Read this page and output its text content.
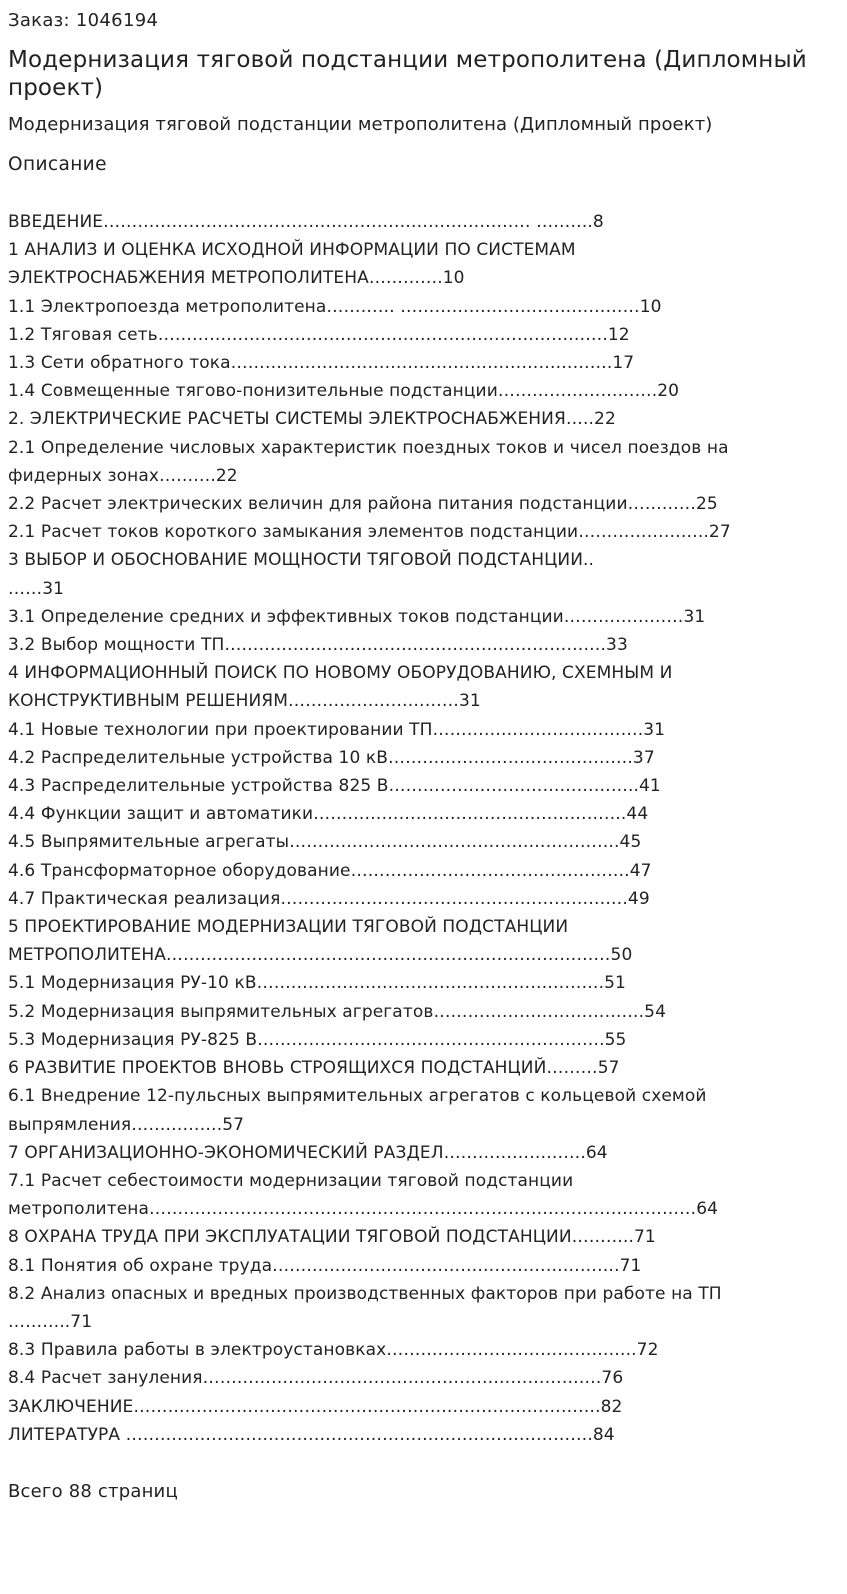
Заказ: 1046194
Модернизация тяговой подстанции метрополитена (Дипломный проект)
Модернизация тяговой подстанции метрополитена (Дипломный проект)
Описание
ВВЕДЕНИЕ………………………………………………………………… ……….8
1 АНАЛИЗ И ОЦЕНКА ИСХОДНОЙ ИНФОРМАЦИИ ПО СИСТЕМАМ
ЭЛЕКТРОСНАБЖЕНИЯ МЕТРОПОЛИТЕНА………….10
1.1 Электропоезда метрополитена………… ……………………………………10
1.2 Тяговая сеть…………………………………………………………………….12
1.3 Сети обратного тока………………………………………………………….17
1.4 Совмещенные тягово-понизительные подстанции……………………….20
2. ЭЛЕКТРИЧЕСКИЕ РАСЧЕТЫ СИСТЕМЫ ЭЛЕКТРОСНАБЖЕНИЯ…..22
2.1 Определение числовых характеристик поездных токов и чисел поездов на
фидерных зонах……….22
2.2 Расчет электрических величин для района питания подстанции…………25
2.1 Расчет токов короткого замыкания элементов подстанции…………………..27
3 ВЫБОР И ОБОСНОВАНИЕ МОЩНОСТИ ТЯГОВОЙ ПОДСТАНЦИИ..
……31
3.1 Определение средних и эффективных токов подстанции…………………31
3.2 Выбор мощности ТП………………………………………………………….33
4 ИНФОРМАЦИОННЫЙ ПОИСК ПО НОВОМУ ОБОРУДОВАНИЮ, СХЕМНЫМ И
КОНСТРУКТИВНЫМ РЕШЕНИЯМ…………………………31
4.1 Новые технологии при проектировании ТП……………………………….31
4.2 Распределительные устройства 10 кВ…………………………………….37
4.3 Распределительные устройства 825 В……………………………………..41
4.4 Функции защит и автоматики……………………………………………….44
4.5 Выпрямительные агрегаты………………………………………………….45
4.6 Трансформаторное оборудование………………………………………….47
4.7 Практическая реализация…………………………………………………….49
5 ПРОЕКТИРОВАНИЕ МОДЕРНИЗАЦИИ ТЯГОВОЙ ПОДСТАНЦИИ
МЕТРОПОЛИТЕНА……………………………………………………………………50
5.1 Модернизация РУ-10 кВ…………………………………………………….51
5.2 Модернизация выпрямительных агрегатов……………………………….54
5.3 Модернизация РУ-825 В…………………………………………………….55
6 РАЗВИТИЕ ПРОЕКТОВ ВНОВЬ СТРОЯЩИХСЯ ПОДСТАНЦИЙ………57
6.1 Внедрение 12-пульсных выпрямительных агрегатов с кольцевой схемой
выпрямления…………….57
7 ОРГАНИЗАЦИОННО-ЭКОНОМИЧЕСКИЙ РАЗДЕЛ…………………….64
7.1 Расчет себестоимости модернизации тяговой подстанции
метрополитена……………………………………………………………………………………64
8 ОХРАНА ТРУДА ПРИ ЭКСПЛУАТАЦИИ ТЯГОВОЙ ПОДСТАНЦИИ………..71
8.1 Понятия об охране труда…………………………………………………….71
8.2 Анализ опасных и вредных производственных факторов при работе на ТП
………..71
8.3 Правила работы в электроустановках……………………………………..72
8.4 Расчет зануления…………………………………………………………….76
ЗАКЛЮЧЕНИЕ……………………………………………………………………….82
ЛИТЕРАТУРА ……………………………………………………………………….84
Всего 88 страниц
